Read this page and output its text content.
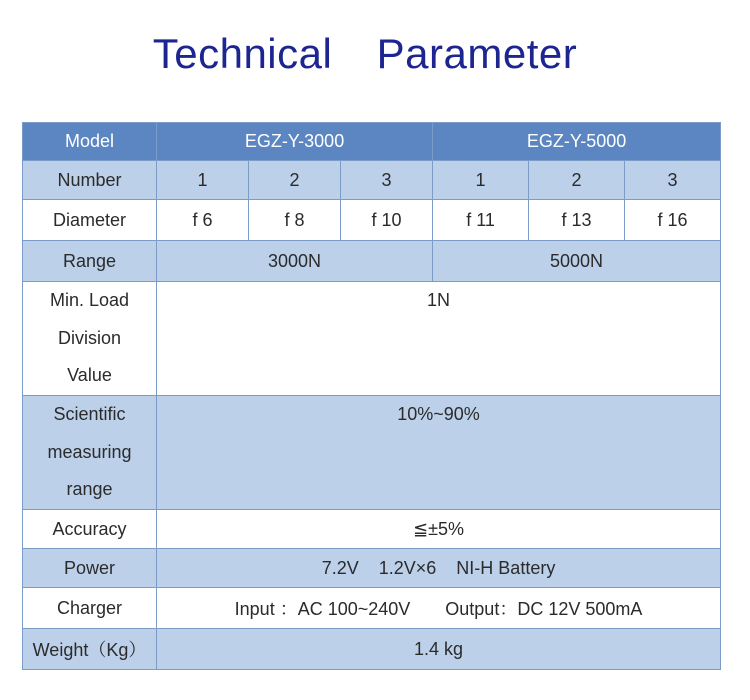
Technical  Parameter
Model	EGZ-Y-3000			EGZ-Y-5000		
Number	1	2	3	1	2	3
Diameter	f 6	f 8	f 10	f 11	f 13	f 16
Range	3000N			5000N		

Min. Load
Division
Value	1N					

Scientific
measuring
range	10%~90%					
Accuracy	≦±5%					
Power	7.2V    1.2V×6    NI-H Battery					
Charger	Input ：AC 100~240V       Output：DC 12V 500mA					
Weight（Kg）	1.4 kg					
